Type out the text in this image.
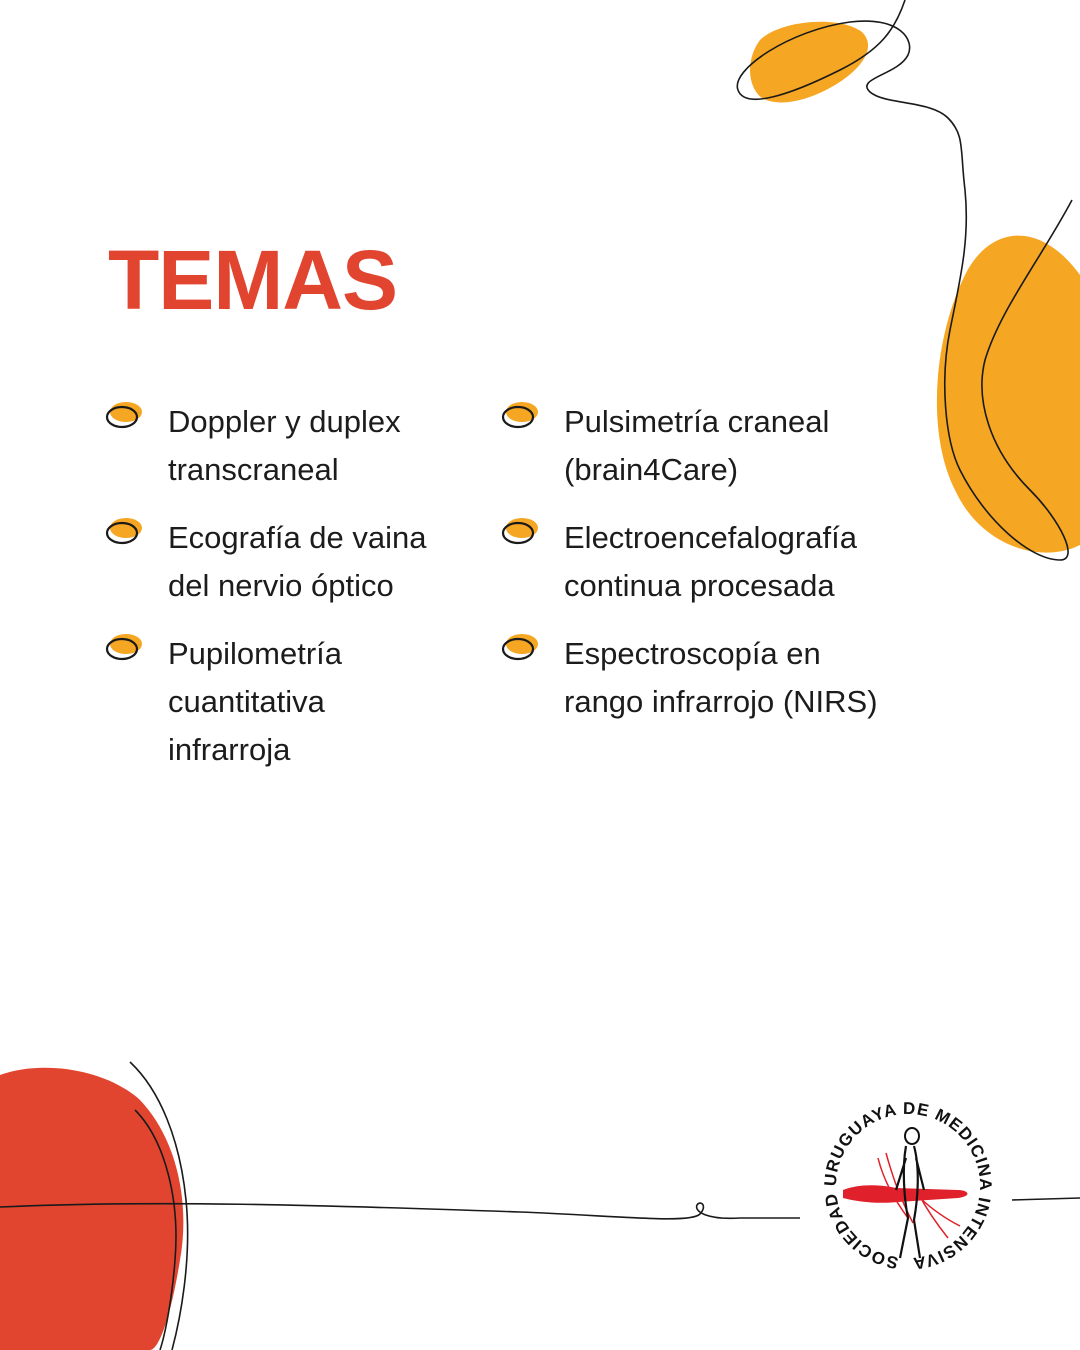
TEMAS
Doppler y duplex
transcraneal
Ecografía de vaina
del nervio óptico
Pupilometría
cuantitativa
infrarroja
Pulsimetría craneal
(brain4Care)
Electroencefalografía
continua procesada
Espectroscopía en
rango infrarrojo (NIRS)
SOCIEDAD URUGUAYA DE MEDICINA INTENSIVA
